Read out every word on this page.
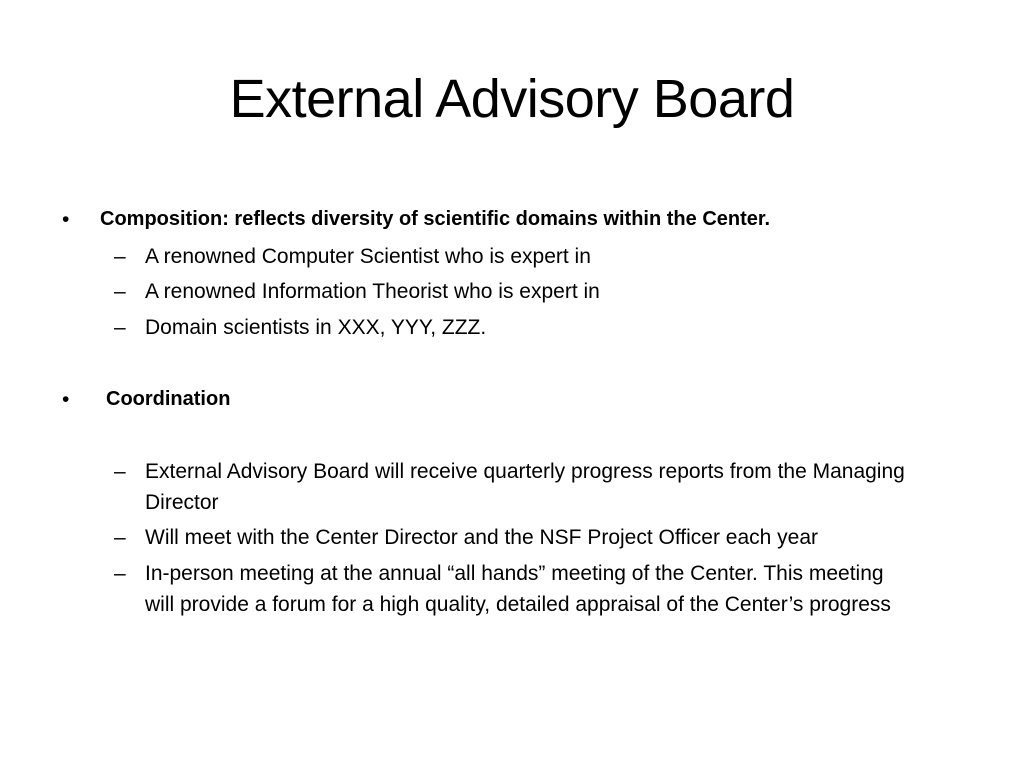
External Advisory Board
•	Composition: reflects diversity of scientific domains within the Center.
– A renowned Computer Scientist who is expert in
– A renowned Information Theorist who is expert in
– Domain scientists in XXX, YYY, ZZZ.
•	Coordination
– External Advisory Board will receive quarterly progress reports from the Managing Director
– Will meet with the Center Director and the NSF Project Officer each year
– In-person meeting at the annual “all hands” meeting of the Center. This meeting will provide a forum for a high quality, detailed appraisal of the Center’s progress
